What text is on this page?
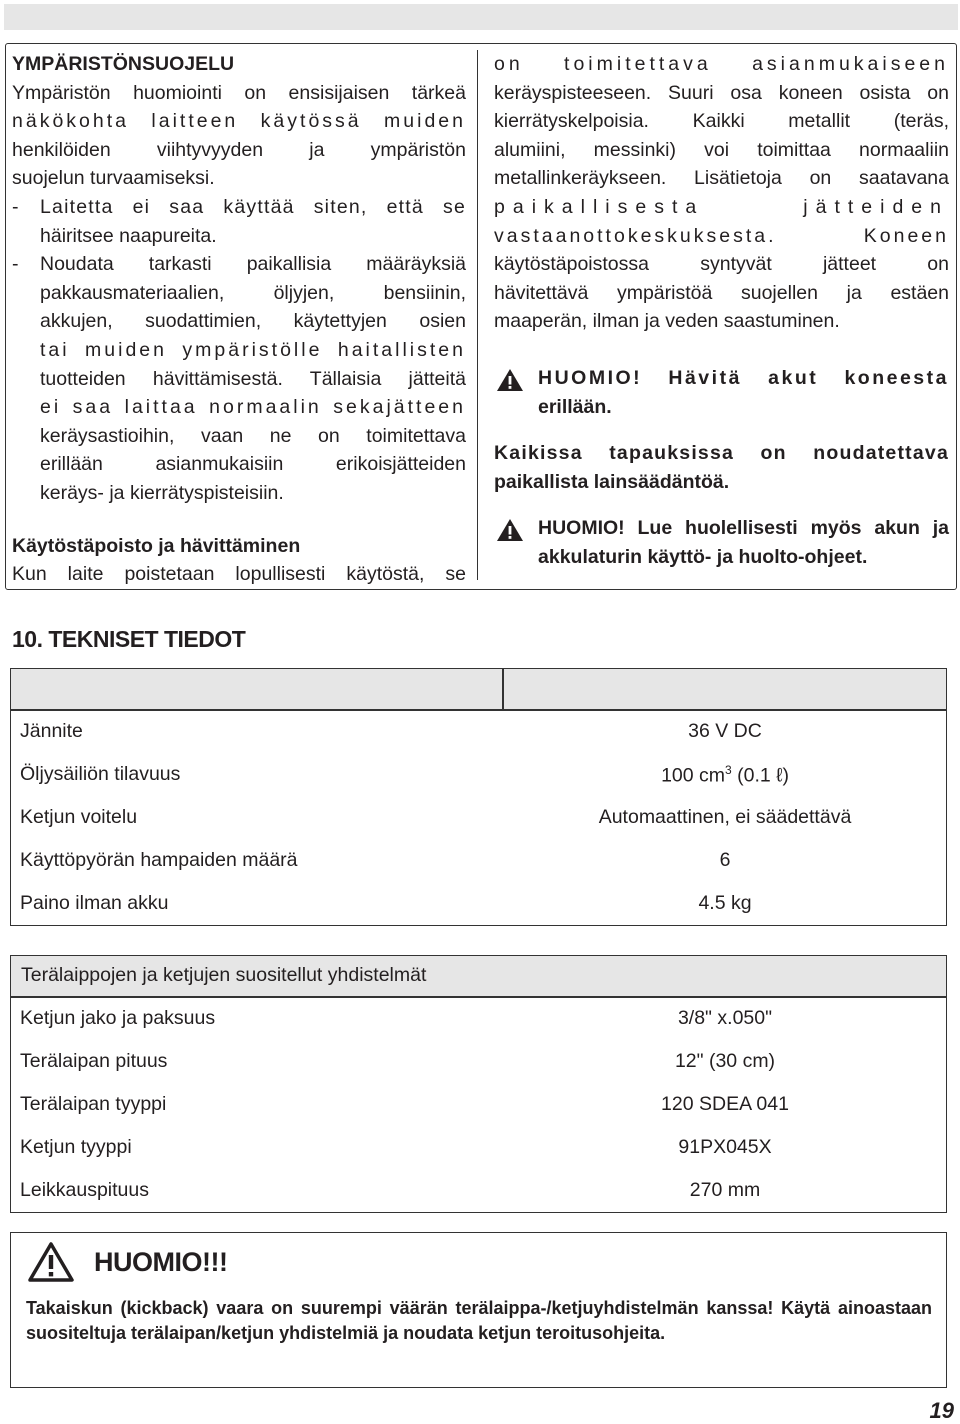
YMPÄRISTÖNSUOJELU
Ympäristön huomiointi on ensisijaisen tärkeä
näkökohta laitteen käytössä muiden
henkilöiden viihtyvyyden ja ympäristön
suojelun turvaamiseksi.
-	Laitetta ei saa käyttää siten, että se
häiritsee naapureita.
-	Noudata tarkasti paikallisia määräyksiä
pakkausmateriaalien, öljyjen, bensiinin,
akkujen, suodattimien, käytettyjen osien
tai muiden ympäristölle haitallisten
tuotteiden hävittämisestä. Tällaisia jätteitä
ei saa laittaa normaalin sekajätteen
keräysastioihin, vaan ne on toimitettava
erillään asianmukaisiin erikoisjätteiden
keräys- ja kierrätyspisteisiin.
Käytöstäpoisto ja hävittäminen
Kun laite poistetaan lopullisesti käytöstä, se
on toimitettava asianmukaiseen
keräyspisteeseen. Suuri osa koneen osista on
kierrätyskelpoisia. Kaikki metallit (teräs,
alumiini, messinki) voi toimittaa normaaliin
metallinkeräykseen. Lisätietoja on saatavana
paikallisesta jätteiden
vastaanottokeskuksesta. Koneen
käytöstäpoistossa syntyvät jätteet on
hävitettävä ympäristöä suojellen ja estäen
maaperän, ilman ja veden saastuminen.
HUOMIO! Hävitä akut koneesta
erillään.
Kaikissa tapauksissa on noudatettava
paikallista lainsäädäntöä.
HUOMIO! Lue huolellisesti myös akun ja
akkulaturin käyttö- ja huolto-ohjeet.
10. TEKNISET TIEDOT
Jännite	36 V DC
Öljysäiliön tilavuus	100 $cm^3$ (0.1 ℓ)
Ketjun voitelu	Automaattinen, ei säädettävä
Käyttöpyörän hampaiden määrä	6
Paino ilman akku	4.5 kg
Terälaippojen ja ketjujen suositellut yhdistelmät
Ketjun jako ja paksuus	3/8" x.050"
Terälaipan pituus	12" (30 cm)
Terälaipan tyyppi	120 SDEA 041
Ketjun tyyppi	91PX045X
Leikkauspituus	270 mm
HUOMIO!!!
Takaiskun (kickback) vaara on suurempi väärän terälaippa-/ketjuyhdistelmän kanssa! Käytä ainoastaan suositeltuja terälaipan/ketjun yhdistelmiä ja noudata ketjun teroitusohjeita.
19
